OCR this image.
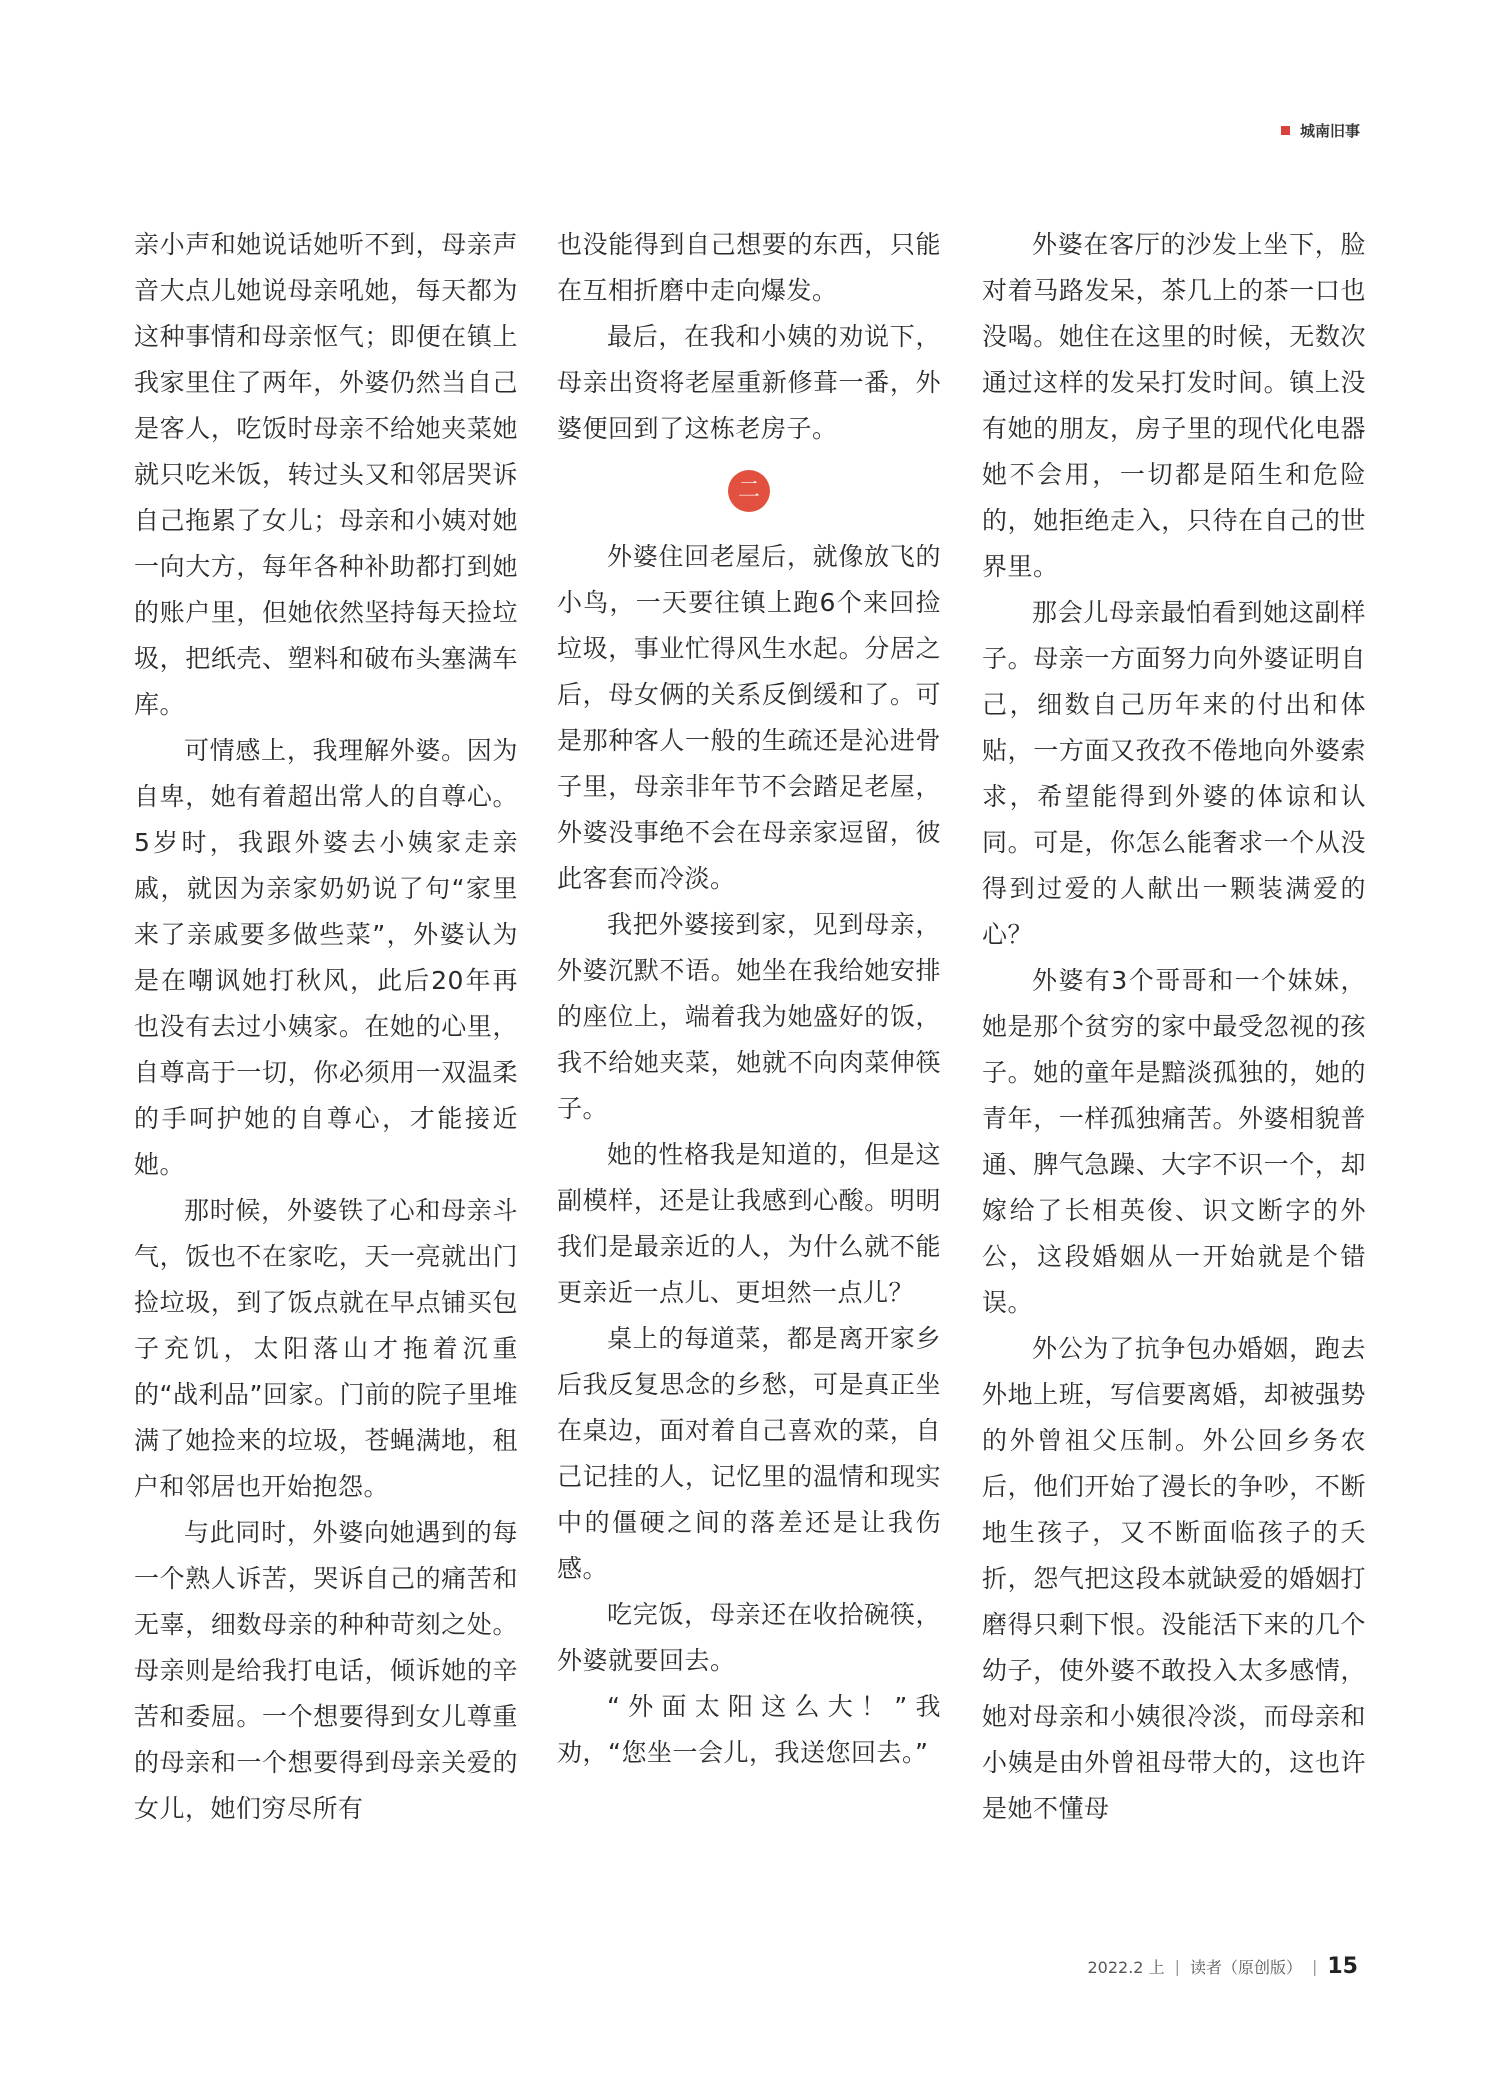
城南旧事

亲小声和她说话她听不到，母亲声音大点儿她说母亲吼她，每天都为这种事情和母亲怄气；即便在镇上我家里住了两年，外婆仍然当自己是客人，吃饭时母亲不给她夹菜她就只吃米饭，转过头又和邻居哭诉自己拖累了女儿；母亲和小姨对她一向大方，每年各种补助都打到她的账户里，但她依然坚持每天捡垃圾，把纸壳、塑料和破布头塞满车库。

可情感上，我理解外婆。因为自卑，她有着超出常人的自尊心。5岁时，我跟外婆去小姨家走亲戚，就因为亲家奶奶说了句“家里来了亲戚要多做些菜”，外婆认为是在嘲讽她打秋风，此后20年再也没有去过小姨家。在她的心里，自尊高于一切，你必须用一双温柔的手呵护她的自尊心，才能接近她。

那时候，外婆铁了心和母亲斗气，饭也不在家吃，天一亮就出门捡垃圾，到了饭点就在早点铺买包子充饥，太阳落山才拖着沉重的“战利品”回家。门前的院子里堆满了她捡来的垃圾，苍蝇满地，租户和邻居也开始抱怨。

与此同时，外婆向她遇到的每一个熟人诉苦，哭诉自己的痛苦和无辜，细数母亲的种种苛刻之处。母亲则是给我打电话，倾诉她的辛苦和委屈。一个想要得到女儿尊重的母亲和一个想要得到母亲关爱的女儿，她们穷尽所有

也没能得到自己想要的东西，只能在互相折磨中走向爆发。

最后，在我和小姨的劝说下，母亲出资将老屋重新修葺一番，外婆便回到了这栋老房子。

二

外婆住回老屋后，就像放飞的小鸟，一天要往镇上跑6个来回捡垃圾，事业忙得风生水起。分居之后，母女俩的关系反倒缓和了。可是那种客人一般的生疏还是沁进骨子里，母亲非年节不会踏足老屋，外婆没事绝不会在母亲家逗留，彼此客套而冷淡。

我把外婆接到家，见到母亲，外婆沉默不语。她坐在我给她安排的座位上，端着我为她盛好的饭，我不给她夹菜，她就不向肉菜伸筷子。

她的性格我是知道的，但是这副模样，还是让我感到心酸。明明我们是最亲近的人，为什么就不能更亲近一点儿、更坦然一点儿？

桌上的每道菜，都是离开家乡后我反复思念的乡愁，可是真正坐在桌边，面对着自己喜欢的菜，自己记挂的人，记忆里的温情和现实中的僵硬之间的落差还是让我伤感。

吃完饭，母亲还在收拾碗筷，外婆就要回去。

“外面太阳这么大！”我劝，“您坐一会儿，我送您回去。”

外婆在客厅的沙发上坐下，脸对着马路发呆，茶几上的茶一口也没喝。她住在这里的时候，无数次通过这样的发呆打发时间。镇上没有她的朋友，房子里的现代化电器她不会用，一切都是陌生和危险的，她拒绝走入，只待在自己的世界里。

那会儿母亲最怕看到她这副样子。母亲一方面努力向外婆证明自己，细数自己历年来的付出和体贴，一方面又孜孜不倦地向外婆索求，希望能得到外婆的体谅和认同。可是，你怎么能奢求一个从没得到过爱的人献出一颗装满爱的心？

外婆有3个哥哥和一个妹妹，她是那个贫穷的家中最受忽视的孩子。她的童年是黯淡孤独的，她的青年，一样孤独痛苦。外婆相貌普通、脾气急躁、大字不识一个，却嫁给了长相英俊、识文断字的外公，这段婚姻从一开始就是个错误。

外公为了抗争包办婚姻，跑去外地上班，写信要离婚，却被强势的外曾祖父压制。外公回乡务农后，他们开始了漫长的争吵，不断地生孩子，又不断面临孩子的夭折，怨气把这段本就缺爱的婚姻打磨得只剩下恨。没能活下来的几个幼子，使外婆不敢投入太多感情，她对母亲和小姨很冷淡，而母亲和小姨是由外曾祖母带大的，这也许是她不懂母

2022.2 上 | 读者（原创版） | 15
